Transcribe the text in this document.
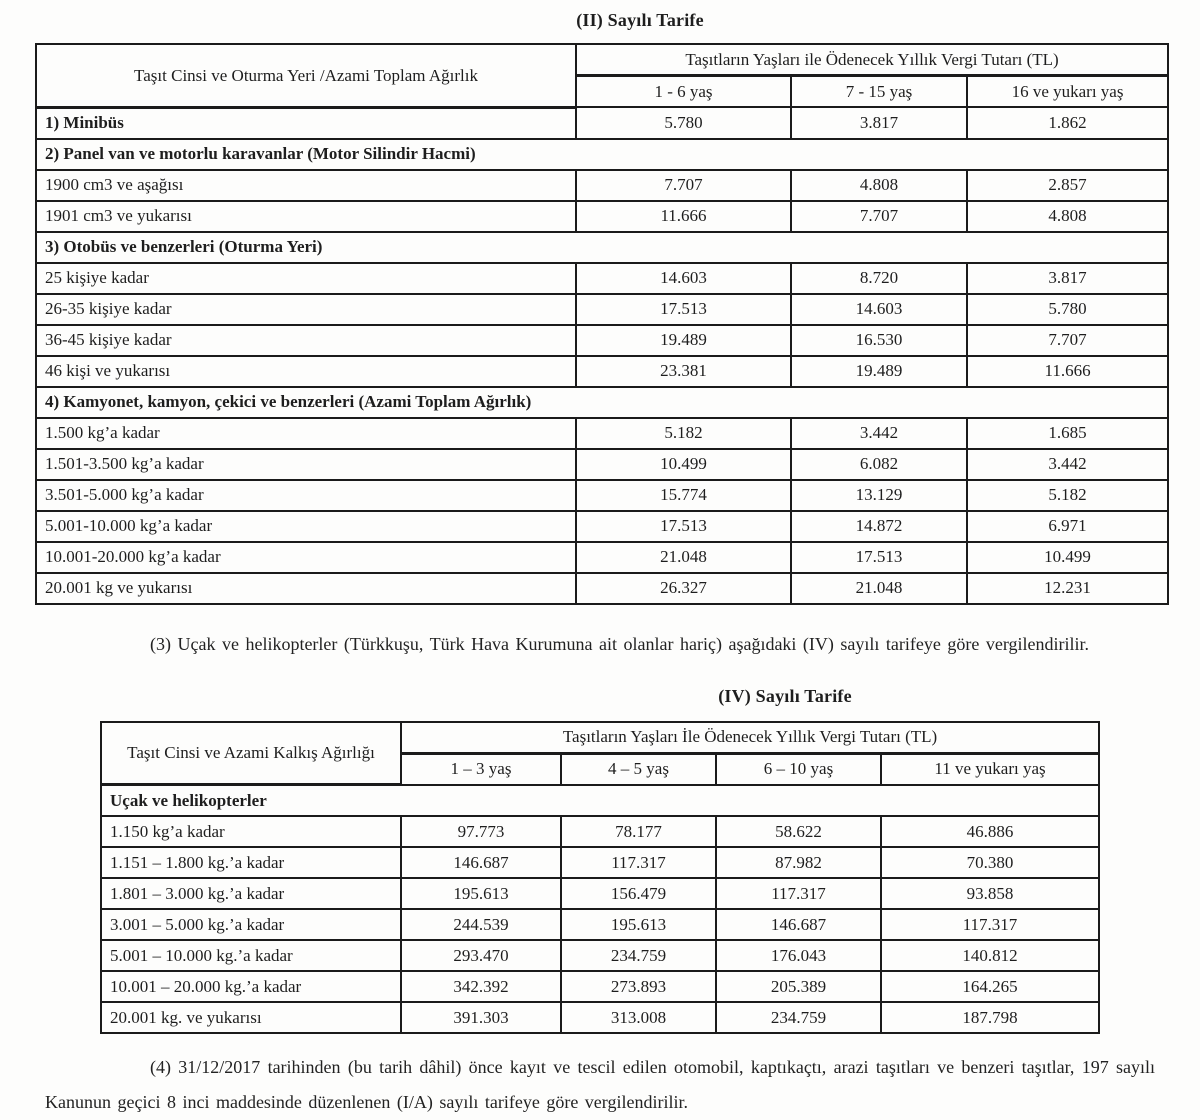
(II) Sayılı Tarife
Taşıt Cinsi ve Oturma Yeri /Azami Toplam Ağırlık	Taşıtların Yaşları ile Ödenecek Yıllık Vergi Tutarı (TL)		
	1 - 6 yaş	7 - 15 yaş	16 ve yukarı yaş
1) Minibüs	5.780	3.817	1.862
2) Panel van ve motorlu karavanlar (Motor Silindir Hacmi)			
1900 cm3 ve aşağısı	7.707	4.808	2.857
1901 cm3 ve yukarısı	11.666	7.707	4.808
3) Otobüs ve benzerleri (Oturma Yeri)			
25 kişiye kadar	14.603	8.720	3.817
26-35 kişiye kadar	17.513	14.603	5.780
36-45 kişiye kadar	19.489	16.530	7.707
46 kişi ve yukarısı	23.381	19.489	11.666
4) Kamyonet, kamyon, çekici ve benzerleri (Azami Toplam Ağırlık)			
1.500 kg’a kadar	5.182	3.442	1.685
1.501-3.500 kg’a kadar	10.499	6.082	3.442
3.501-5.000 kg’a kadar	15.774	13.129	5.182
5.001-10.000 kg’a kadar	17.513	14.872	6.971
10.001-20.000 kg’a kadar	21.048	17.513	10.499
20.001 kg ve yukarısı	26.327	21.048	12.231

(3) Uçak ve helikopterler (Türkkuşu, Türk Hava Kurumuna ait olanlar hariç) aşağıdaki (IV) sayılı tarifeye göre vergilendirilir.

(IV) Sayılı Tarife
Taşıt Cinsi ve Azami Kalkış Ağırlığı	Taşıtların Yaşları İle Ödenecek Yıllık Vergi Tutarı (TL)			
	1 – 3 yaş	4 – 5 yaş	6 – 10 yaş	11 ve yukarı yaş
Uçak ve helikopterler				
1.150 kg’a kadar	97.773	78.177	58.622	46.886
1.151 – 1.800 kg.’a kadar	146.687	117.317	87.982	70.380
1.801 – 3.000 kg.’a kadar	195.613	156.479	117.317	93.858
3.001 – 5.000 kg.’a kadar	244.539	195.613	146.687	117.317
5.001 – 10.000 kg.’a kadar	293.470	234.759	176.043	140.812
10.001 – 20.000 kg.’a kadar	342.392	273.893	205.389	164.265
20.001 kg. ve yukarısı	391.303	313.008	234.759	187.798

(4) 31/12/2017 tarihinden (bu tarih dâhil) önce kayıt ve tescil edilen otomobil, kaptıkaçtı, arazi taşıtları ve benzeri taşıtlar, 197 sayılı Kanunun geçici 8 inci maddesinde düzenlenen (I/A) sayılı tarifeye göre vergilendirilir.
